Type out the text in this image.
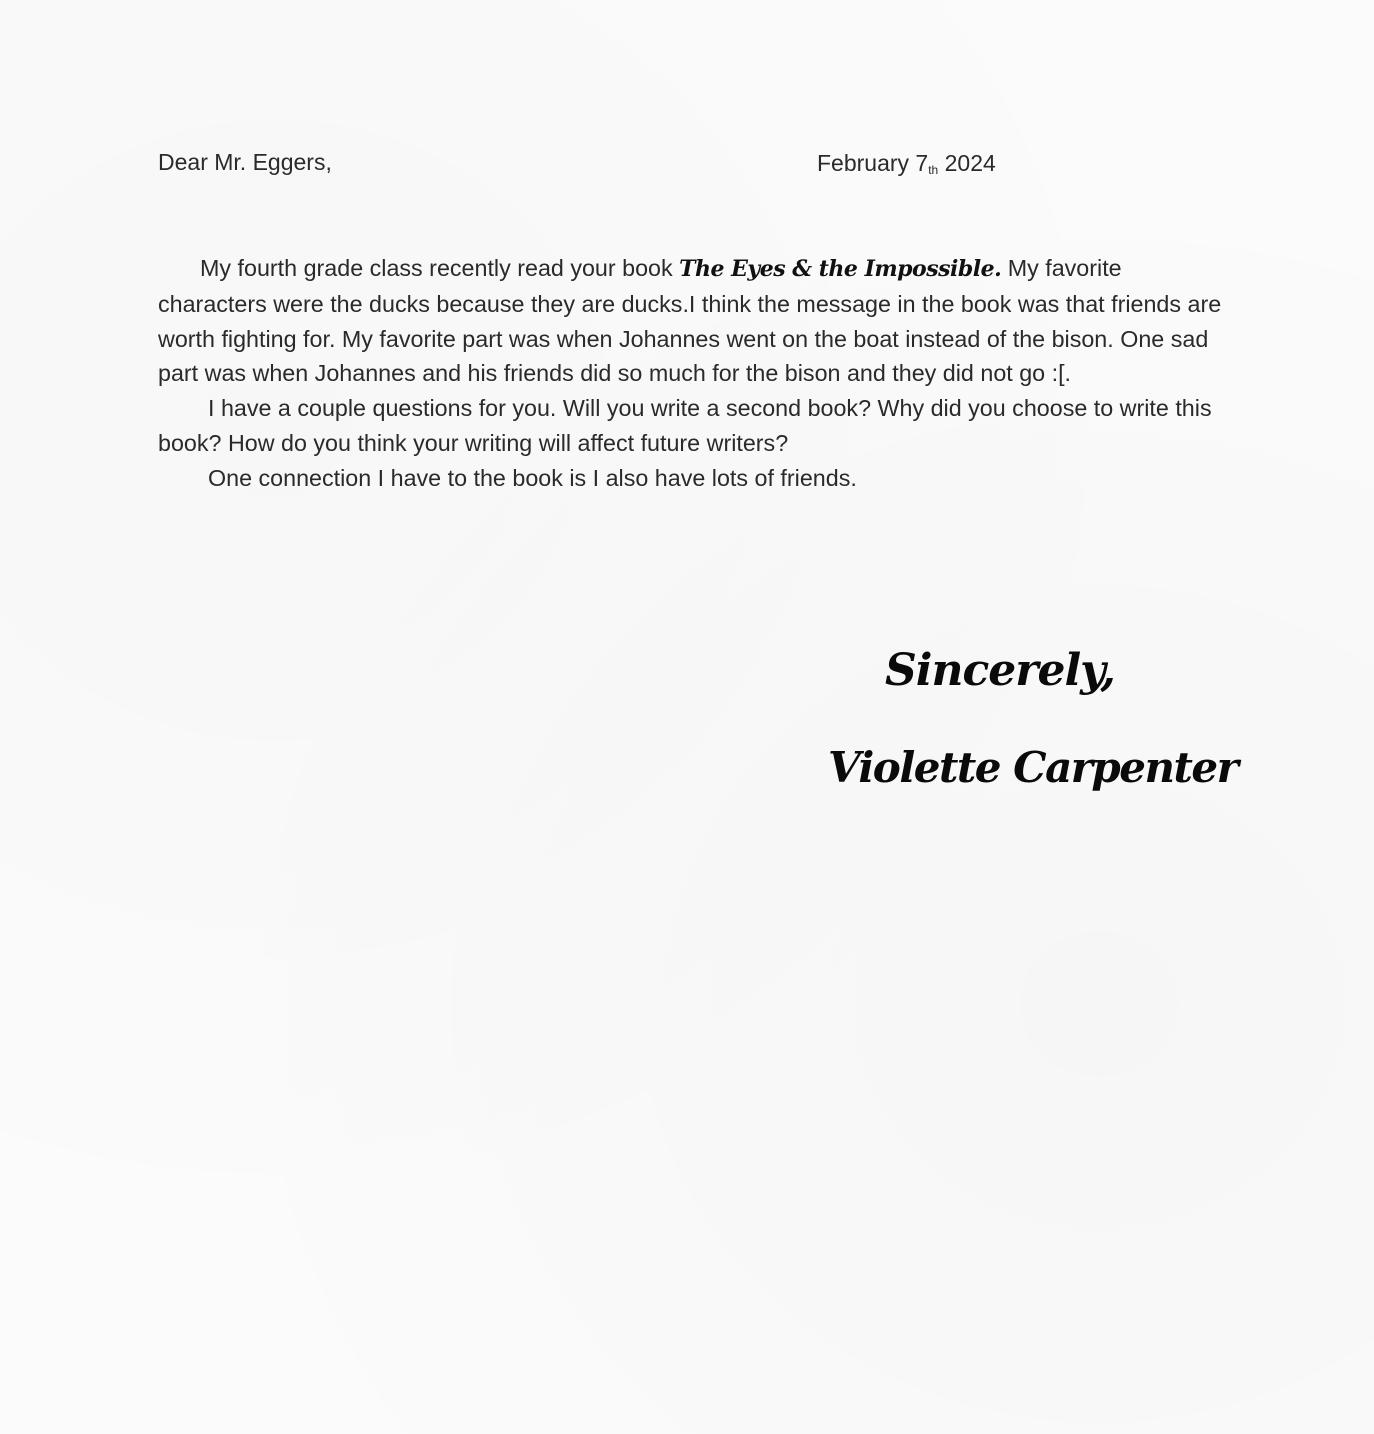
Dear Mr. Eggers,	February 7th 2024

My fourth grade class recently read your book The Eyes & the Impossible. My favorite characters were the ducks because they are ducks.I think the message in the book was that friends are worth fighting for. My favorite part was when Johannes went on the boat instead of the bison. One sad part was when Johannes and his friends did so much for the bison and they did not go :[.

I have a couple questions for you. Will you write a second book? Why did you choose to write this book? How do you think your writing will affect future writers?

One connection I have to the book is I also have lots of friends.

Sincerely,
Violette Carpenter
